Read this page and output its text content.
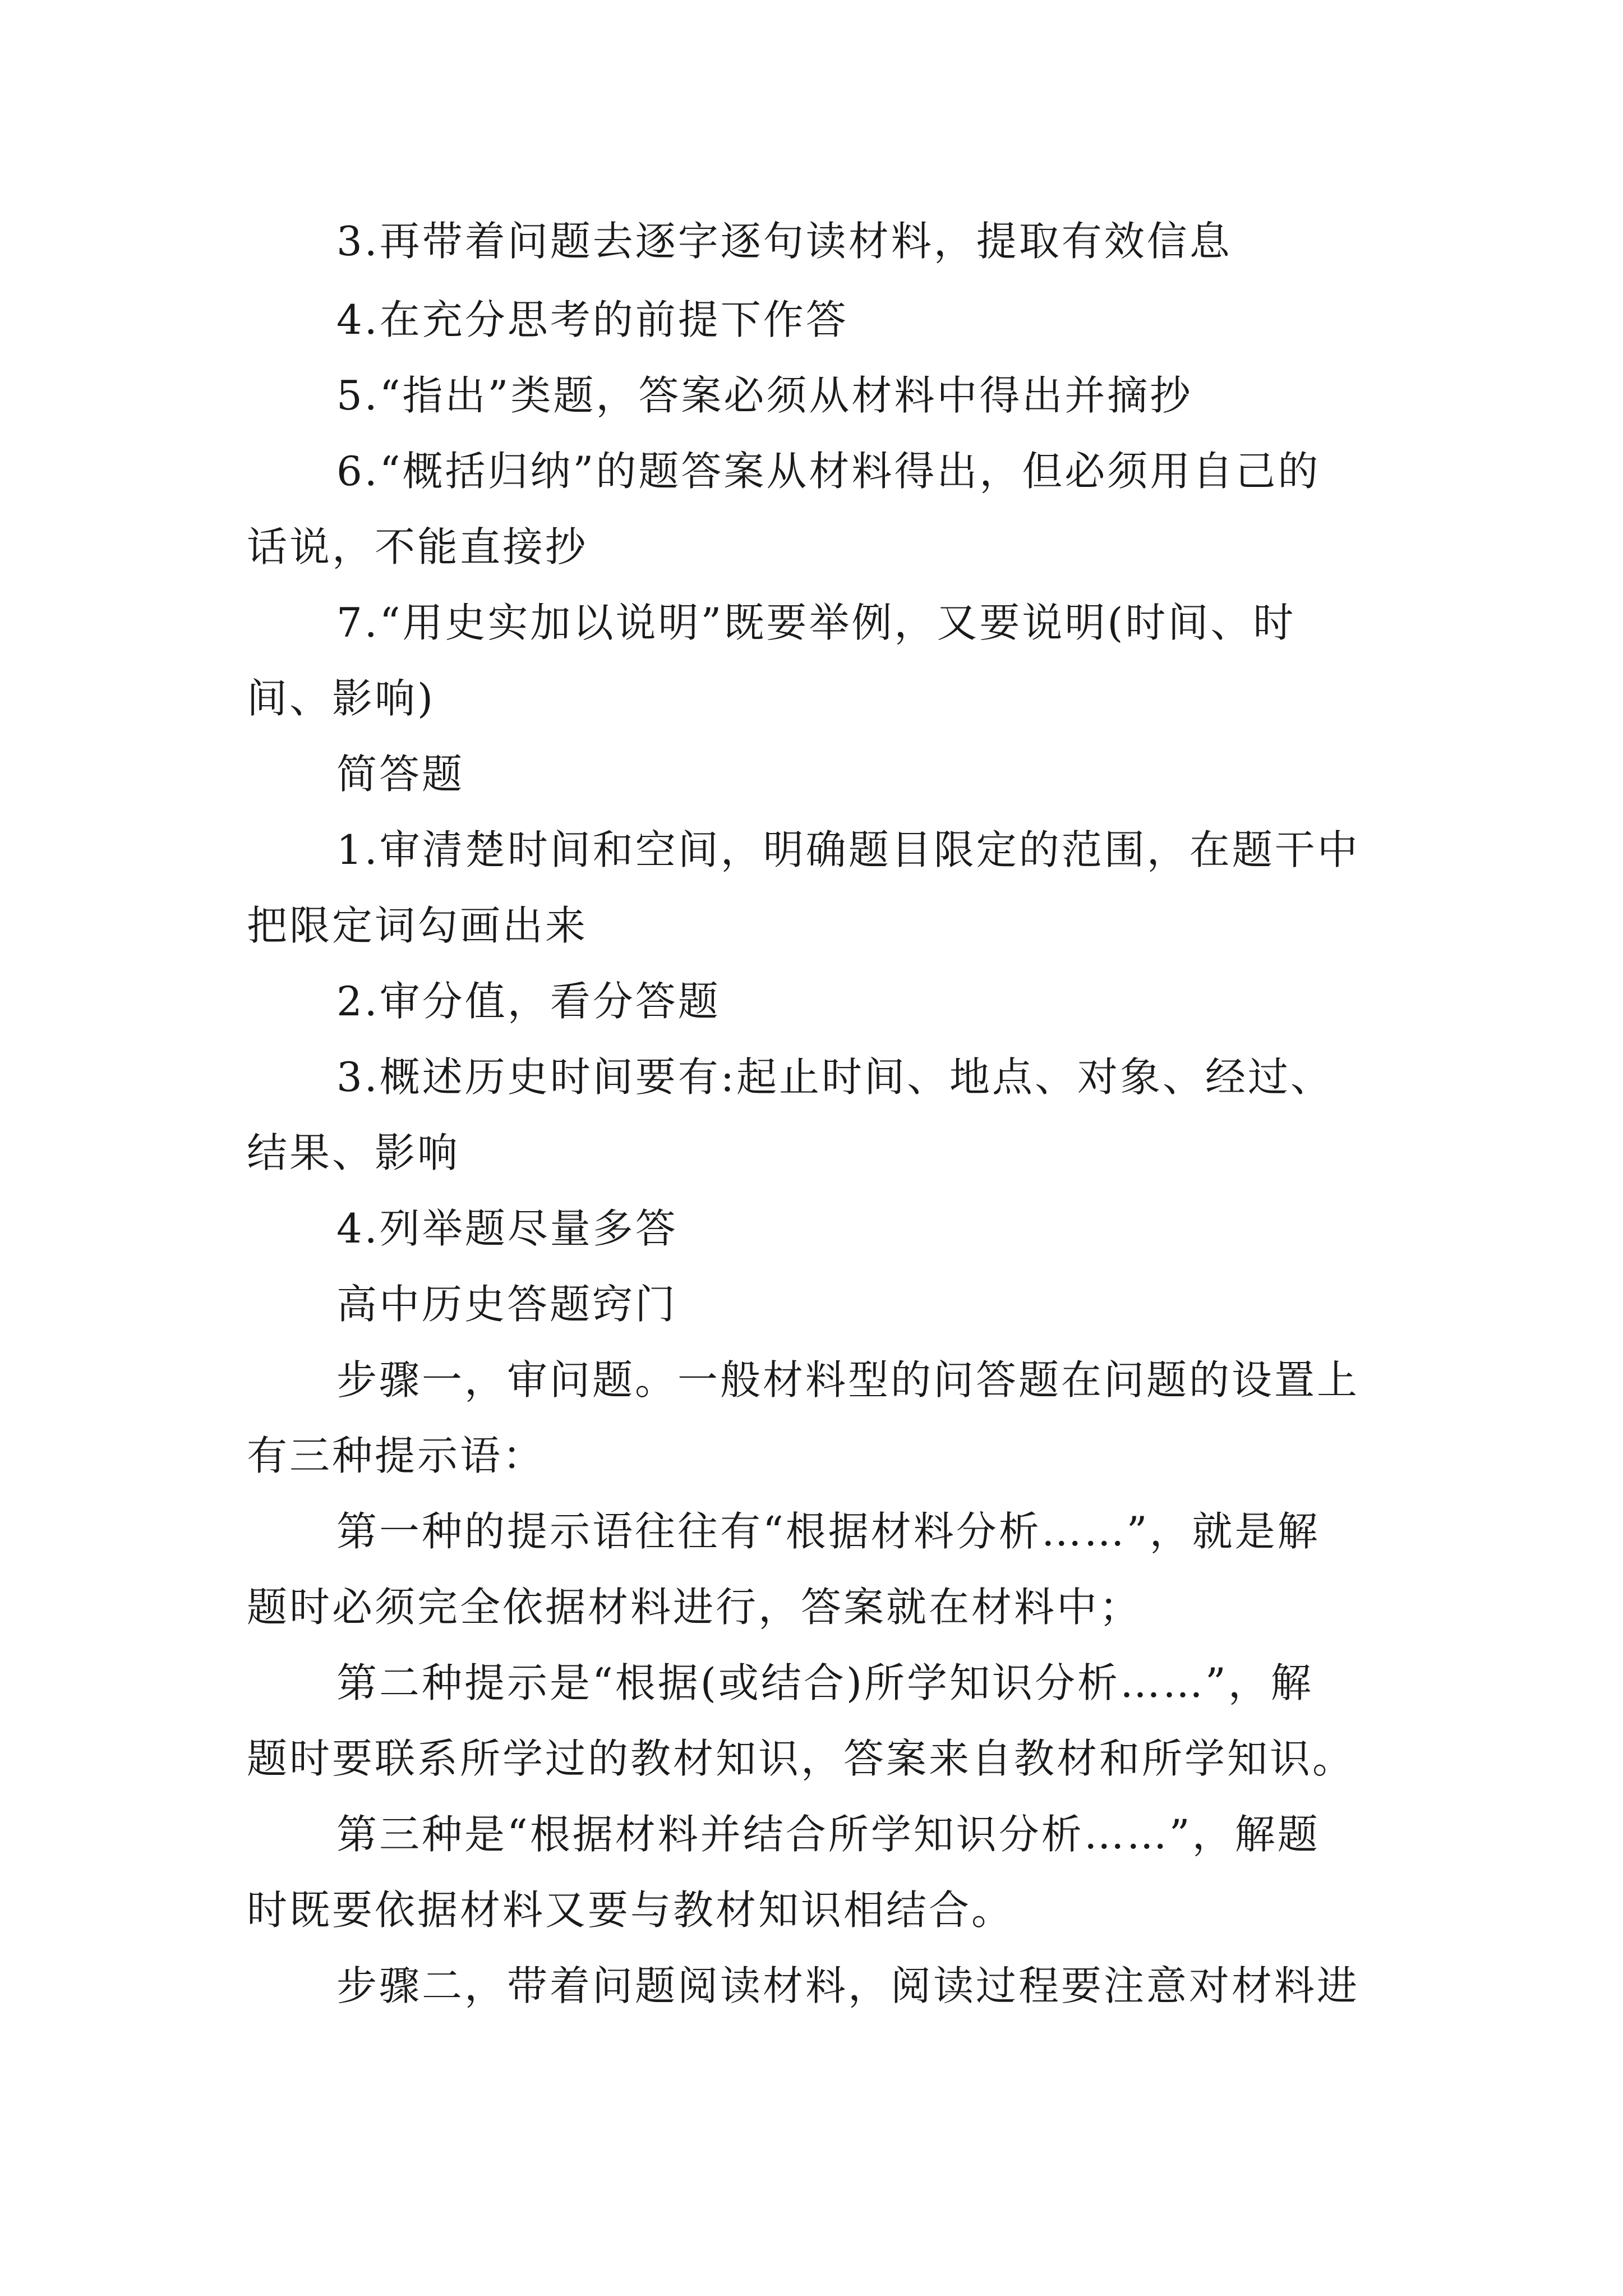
3.再带着问题去逐字逐句读材料，提取有效信息
4.在充分思考的前提下作答
5.“指出”类题，答案必须从材料中得出并摘抄
6.“概括归纳”的题答案从材料得出，但必须用自己的
话说，不能直接抄
7.“用史实加以说明”既要举例，又要说明(时间、时
间、影响)
简答题
1.审清楚时间和空间，明确题目限定的范围，在题干中
把限定词勾画出来
2.审分值，看分答题
3.概述历史时间要有:起止时间、地点、对象、经过、
结果、影响
4.列举题尽量多答
高中历史答题窍门
步骤一，审问题。一般材料型的问答题在问题的设置上
有三种提示语：
第一种的提示语往往有“根据材料分析……”，就是解
题时必须完全依据材料进行，答案就在材料中；
第二种提示是“根据(或结合)所学知识分析……”，解
题时要联系所学过的教材知识，答案来自教材和所学知识。
第三种是“根据材料并结合所学知识分析……”，解题
时既要依据材料又要与教材知识相结合。
步骤二，带着问题阅读材料，阅读过程要注意对材料进
